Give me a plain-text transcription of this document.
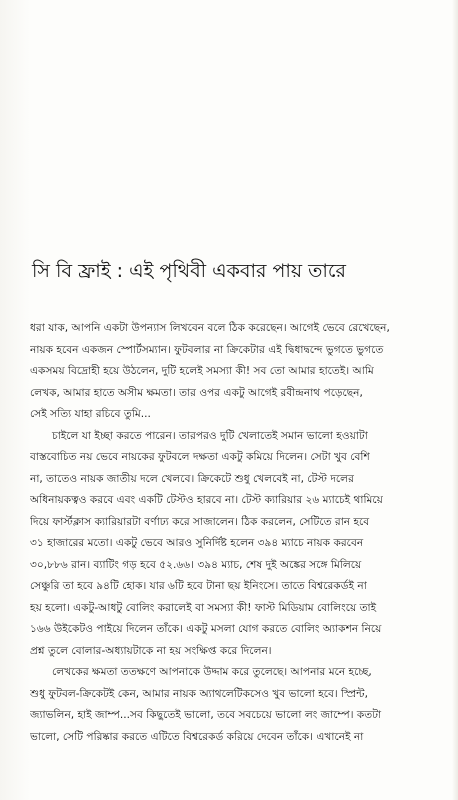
সি বি ফ্রাই : এই পৃথিবী একবার পায় তারে
ধরা যাক, আপনি একটা উপন্যাস লিখবেন বলে ঠিক করেছেন। আগেই ভেবে রেখেছেন,
নায়ক হবেন একজন স্পোর্টসম্যান। ফুটবলার না ক্রিকেটার এই দ্বিধাদ্বন্দে ভুগতে ভুগতে
একসময় বিদ্রোহী হয়ে উঠলেন, দুটি হলেই সমস্যা কী! সব তো আমার হাতেই। আমি
লেখক, আমার হাতে অসীম ক্ষমতা। তার ওপর একটু আগেই রবীন্দ্রনাথ পড়েছেন,
সেই সত্যি যাহা রচিবে তুমি...
চাইলে যা ইচ্ছা করতে পারেন। তারপরও দুটি খেলাতেই সমান ভালো হওয়াটা
বাস্তবোচিত নয় ভেবে নায়কের ফুটবলে দক্ষতা একটু কমিয়ে দিলেন। সেটা খুব বেশি
না, তাতেও নায়ক জাতীয় দলে খেলবে। ক্রিকেটে শুধু খেলবেই না, টেস্ট দলের
অধিনায়কত্বও করবে এবং একটি টেস্টও হারবে না। টেস্ট ক্যারিয়ার ২৬ ম্যাচেই থামিয়ে
দিয়ে ফার্স্টক্লাস ক্যারিয়ারটা বর্ণাঢ্য করে সাজালেন। ঠিক করলেন, সেটিতে রান হবে
৩১ হাজারের মতো। একটু ভেবে আরও সুনির্দিষ্ট হলেন ৩৯৪ ম্যাচে নায়ক করবেন
৩০,৮৮৬ রান। ব্যাটিং গড় হবে ৫২.৬৬। ৩৯৪ ম্যাচ, শেষ দুই অঙ্কের সঙ্গে মিলিয়ে
সেঞ্চুরি তা হবে ৯৪টি হোক। যার ৬টি হবে টানা ছয় ইনিংসে। তাতে বিশ্বরেকর্ডই না
হয় হলো। একটু-আধটু বোলিং করালেই বা সমস্যা কী! ফাস্ট মিডিয়াম বোলিংয়ে তাই
১৬৬ উইকেটও পাইয়ে দিলেন তাঁকে। একটু মসলা যোগ করতে বোলিং অ্যাকশন নিয়ে
প্রশ্ন তুলে বোলার-অধ্যায়টাকে না হয় সংক্ষিপ্ত করে দিলেন।
লেখকের ক্ষমতা ততক্ষণে আপনাকে উদ্দাম করে তুলেছে। আপনার মনে হচ্ছে,
শুধু ফুটবল-ক্রিকেটই কেন, আমার নায়ক অ্যাথলেটিকসেও খুব ভালো হবে। স্প্রিন্ট,
জ্যাভলিন, হাই জাম্প...সব কিছুতেই ভালো, তবে সবচেয়ে ভালো লং জাম্পে। কতটা
ভালো, সেটি পরিষ্কার করতে এটিতে বিশ্বরেকর্ড করিয়ে দেবেন তাঁকে। এখানেই না
